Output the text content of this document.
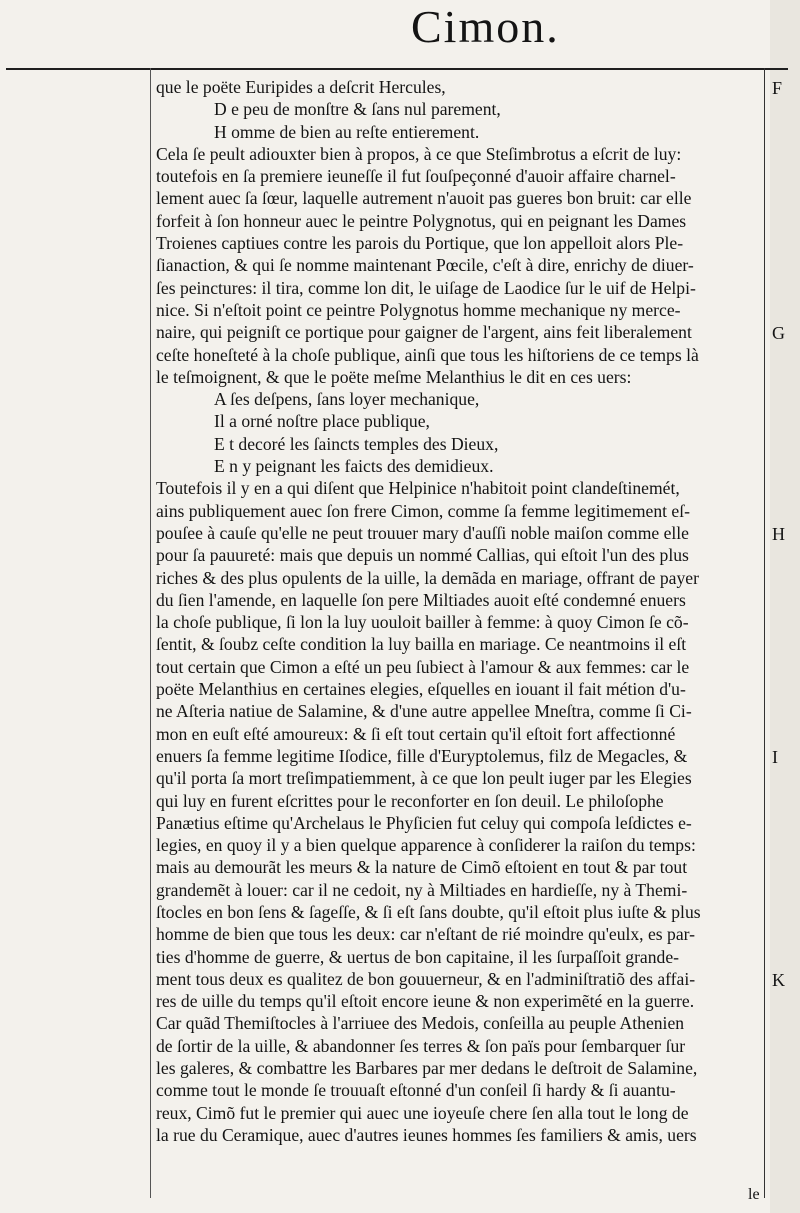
Cimon.
que le poëte Euripides a deſcrit Hercules,
D e peu de monſtre & ſans nul parement,
H omme de bien au reſte entierement.
Cela ſe peult adiouxter bien à propos, à ce que Steſimbrotus a eſcrit de luy:
toutefois en ſa premiere ieuneſſe il fut ſouſpeçonné d'auoir affaire charnel-
lement auec ſa ſœur, laquelle autrement n'auoit pas gueres bon bruit: car elle
forfeit à ſon honneur auec le peintre Polygnotus, qui en peignant les Dames
Troienes captiues contre les parois du Portique, que lon appelloit alors Ple-
ſianaction, & qui ſe nomme maintenant Pœcile, c'eſt à dire, enrichy de diuer-
ſes peinctures: il tira, comme lon dit, le uiſage de Laodice ſur le uif de Helpi-
nice. Si n'eſtoit point ce peintre Polygnotus homme mechanique ny merce-
naire, qui peigniſt ce portique pour gaigner de l'argent, ains feit liberalement
ceſte honeſteté à la choſe publique, ainſi que tous les hiſtoriens de ce temps là
le teſmoignent, & que le poëte meſme Melanthius le dit en ces uers:
A ſes deſpens, ſans loyer mechanique,
Il a orné noſtre place publique,
E t decoré les ſaincts temples des Dieux,
E n y peignant les faicts des demidieux.
Toutefois il y en a qui diſent que Helpinice n'habitoit point clandeſtinemét,
ains publiquement auec ſon frere Cimon, comme ſa femme legitimement eſ-
pouſee à cauſe qu'elle ne peut trouuer mary d'auſſi noble maiſon comme elle
pour ſa pauureté: mais que depuis un nommé Callias, qui eſtoit l'un des plus
riches & des plus opulents de la uille, la demãda en mariage, offrant de payer
du ſien l'amende, en laquelle ſon pere Miltiades auoit eſté condemné enuers
la choſe publique, ſi lon la luy uouloit bailler à femme: à quoy Cimon ſe cõ-
ſentit, & ſoubz ceſte condition la luy bailla en mariage. Ce neantmoins il eſt
tout certain que Cimon a eſté un peu ſubiect à l'amour & aux femmes: car le
poëte Melanthius en certaines elegies, eſquelles en iouant il fait métion d'u-
ne Aſteria natiue de Salamine, & d'une autre appellee Mneſtra, comme ſi Ci-
mon en euſt eſté amoureux: & ſi eſt tout certain qu'il eſtoit fort affectionné
enuers ſa femme legitime Iſodice, fille d'Euryptolemus, filz de Megacles, &
qu'il porta ſa mort treſimpatiemment, à ce que lon peult iuger par les Elegies
qui luy en furent eſcrittes pour le reconforter en ſon deuil. Le philoſophe
Panætius eſtime qu'Archelaus le Phyſicien fut celuy qui compoſa leſdictes e-
legies, en quoy il y a bien quelque apparence à conſiderer la raiſon du temps:
mais au demourãt les meurs & la nature de Cimõ eſtoient en tout & par tout
grandemẽt à louer: car il ne cedoit, ny à Miltiades en hardieſſe, ny à Themi-
ſtocles en bon ſens & ſageſſe, & ſi eſt ſans doubte, qu'il eſtoit plus iuſte & plus
homme de bien que tous les deux: car n'eſtant de rié moindre qu'eulx, es par-
ties d'homme de guerre, & uertus de bon capitaine, il les ſurpaſſoit grande-
ment tous deux es qualitez de bon gouuerneur, & en l'adminiſtratiõ des affai-
res de uille du temps qu'il eſtoit encore ieune & non experimẽté en la guerre.
Car quãd Themiſtocles à l'arriuee des Medois, conſeilla au peuple Athenien
de ſortir de la uille, & abandonner ſes terres & ſon païs pour ſembarquer ſur
les galeres, & combattre les Barbares par mer dedans le deſtroit de Salamine,
comme tout le monde ſe trouuaſt eſtonné d'un conſeil ſi hardy & ſi auantu-
reux, Cimõ fut le premier qui auec une ioyeuſe chere ſen alla tout le long de
la rue du Ceramique, auec d'autres ieunes hommes ſes familiers & amis, uers
F
G
H
I
K
le
